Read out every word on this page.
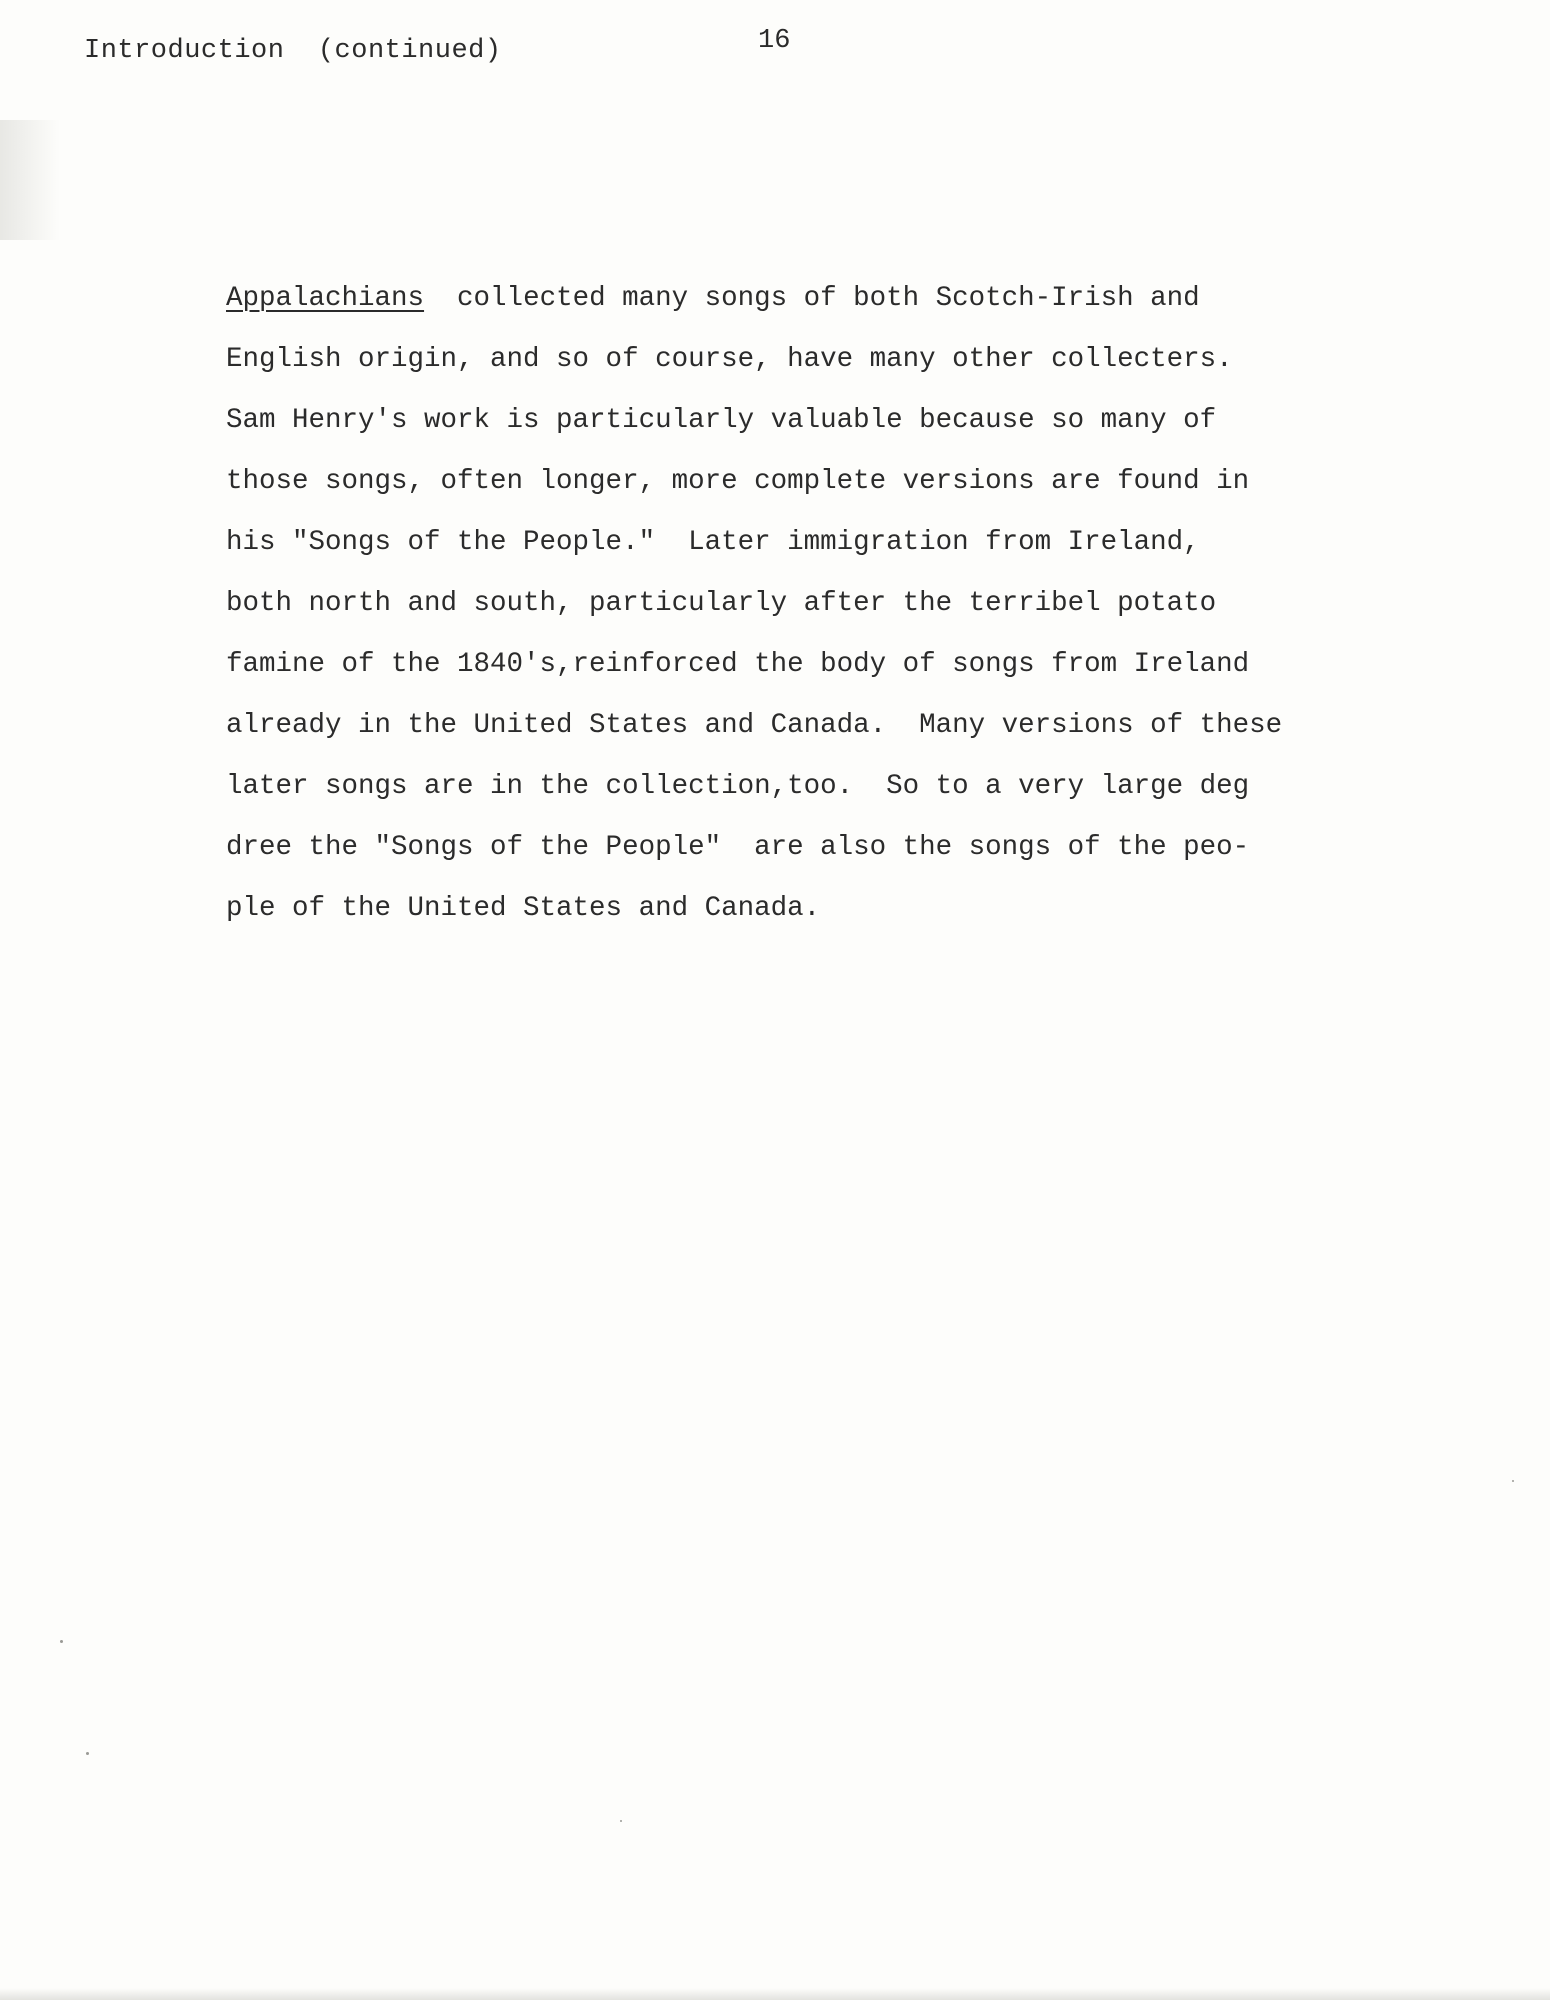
Introduction  (continued)	16
Appalachians  collected many songs of both Scotch-Irish and
English origin, and so of course, have many other collecters.
Sam Henry's work is particularly valuable because so many of
those songs, often longer, more complete versions are found in
his "Songs of the People."  Later immigration from Ireland,
both north and south, particularly after the terribel potato
famine of the 1840's,reinforced the body of songs from Ireland
already in the United States and Canada.  Many versions of these
later songs are in the collection,too.  So to a very large deg
dree the "Songs of the People"  are also the songs of the peo-
ple of the United States and Canada.
